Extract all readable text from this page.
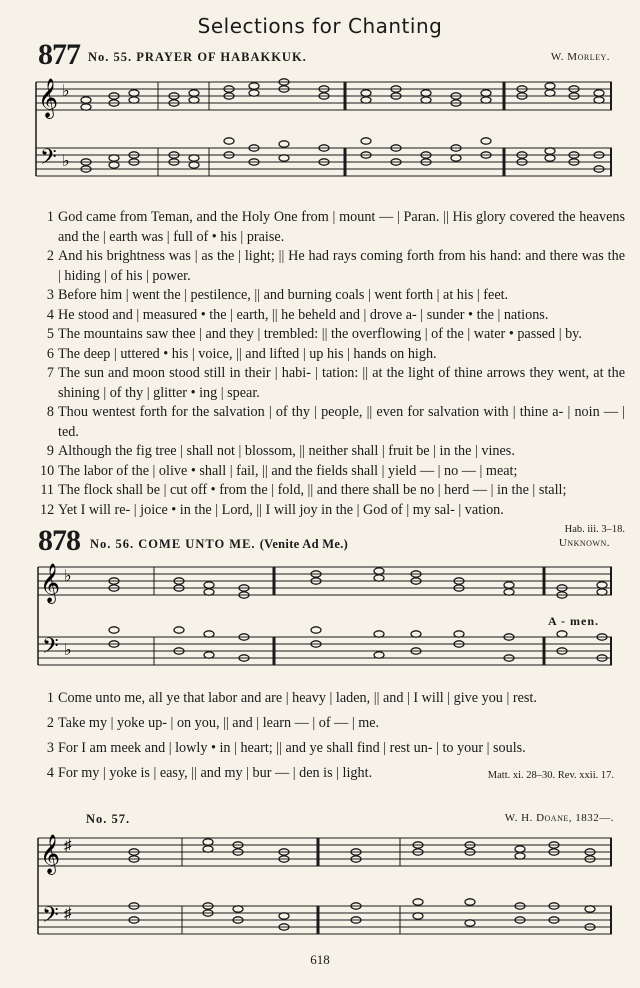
Selections for Chanting
877 No. 55. PRAYER OF HABAKKUK.	W. Morley.
𝄞
𝄢
♭
♭
1 God came from Teman, and the Holy One from | mount — | Paran. || His glory covered the heavens and the | earth was | full of • his | praise.
2 And his brightness was | as the | light; || He had rays coming forth from his hand: and there was the | hiding | of his | power.
3 Before him | went the | pestilence, || and burning coals | went forth | at his | feet.
4 He stood and | measured • the | earth, || he beheld and | drove a- | sunder • the | nations.
5 The mountains saw thee | and they | trembled: || the overflowing | of the | water • passed | by.
6 The deep | uttered • his | voice, || and lifted | up his | hands on high.
7 The sun and moon stood still in their | habi- | tation: || at the light of thine arrows they went, at the shining | of thy | glitter • ing | spear.
8 Thou wentest forth for the salvation | of thy | people, || even for salvation with | thine a- | noin — | ted.
9 Although the fig tree | shall not | blossom, || neither shall | fruit be | in the | vines.
10 The labor of the | olive • shall | fail, || and the fields shall | yield — | no — | meat;
11 The flock shall be | cut off • from the | fold, || and there shall be no | herd — | in the | stall;
12 Yet I will re- | joice • in the | Lord, || I will joy in the | God of | my sal- | vation.
Hab. iii. 3–18.
878 No. 56. COME UNTO ME. (Venite Ad Me.)	Unknown.
𝄞
𝄢
♭
♭
A - men.
1 Come unto me, all ye that labor and are | heavy | laden, || and | I will | give you | rest.
2 Take my | yoke up- | on you, || and | learn — | of — | me.
3 For I am meek and | lowly • in | heart; || and ye shall find | rest un- | to your | souls.
4 For my | yoke is | easy, || and my | bur — | den is | light.	Matt. xi. 28–30. Rev. xxii. 17.
No. 57.	W. H. Doane, 1832—.
𝄞
𝄢
♯
♯
618
